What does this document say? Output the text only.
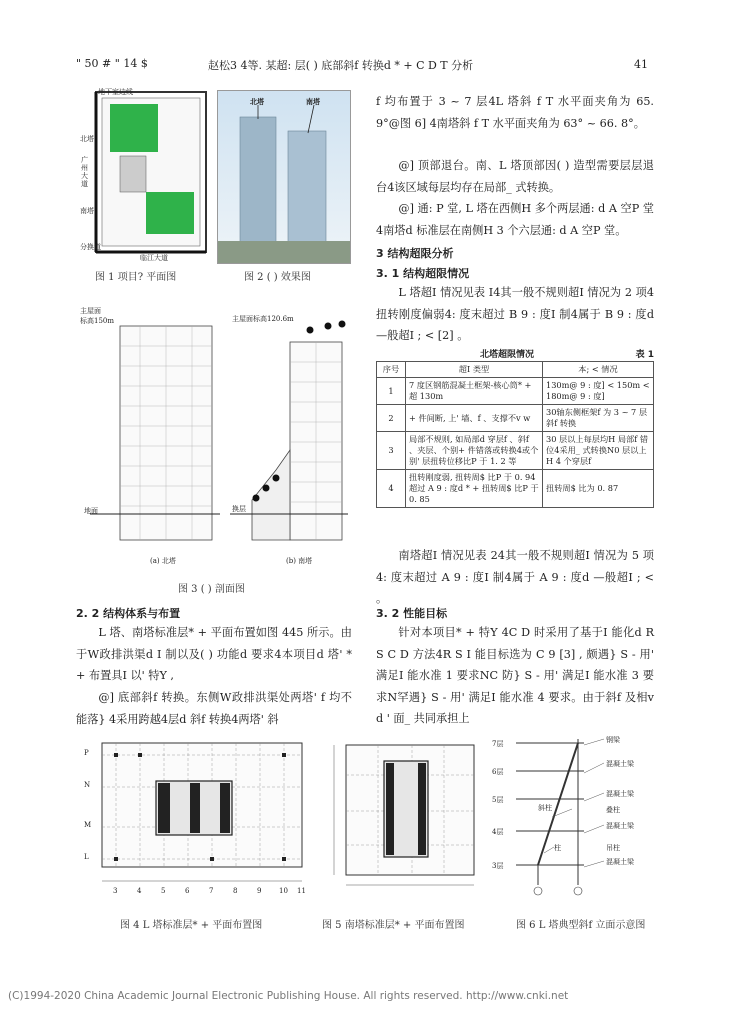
" 50 # " 14 $	赵松3 4等. 某超: 层( ) 底部斜f 转换d * + C D T 分析	41
地下室边线
北塔
广州大道
南塔
分换道
临江大道
图 1 项目? 平面图
北塔	南塔
图 2 ( ) 效果图
主屋面
标高150m
地面
主屋面标高120.6m
换层
(a) 北塔	(b) 南塔
图 3 ( ) 剖面图
2. 2 结构体系与布置
L 塔、南塔标准层* + 平面布置如图 445 所示。由于W政排洪渠d I 制以及( ) 功能d 要求4本项目d 塔' * + 布置具I 以' 特Y ,
@] 底部斜f 转换。东侧W政排洪渠处两塔' f 均不能落} 4采用跨越4层d 斜f 转换4两塔' 斜
f 均布置于 3 ~ 7 层4L 塔斜 f T 水平面夹角为 65. 9°@图 6] 4南塔斜 f T 水平面夹角为 63° ~ 66. 8°。
@] 顶部退台。南、L 塔顶部因( ) 造型需要层层退台4该区域每层均存在局部_ 式转换。
@] 通: P 堂, L 塔在西侧H 多个两层通: d A 空P 堂4南塔d 标准层在南侧H 3 个六层通: d A 空P 堂。
3 结构超限分析
3. 1 结构超限情况
L 塔超I 情况见表 I4其一般不规则超I 情况为 2 项4扭转刚度偏弱4: 度末超过 B 9 : 度I 制4属于 B 9 : 度d —般超I ; < [2] 。
北塔超限情况	表 1
序号	超I 类型	本; < 情况
1	7 度区钢筋混凝土框架-核心筒* + 超 130m	130m@ 9 : 度] < 150m < 180m@ 9 : 度]
2	+ 件间断, 上' 墙、f 、支撑不v w	30轴东侧框架f 为 3 ~ 7 层斜f 转换
3	局部不规则, 如局部d 穿层f 、斜f 、夹层、个别+ 件错落或转换4或个别' 层扭转位移比P 于 1. 2 等	30 层以上每层均H 局部f 错位4采用_ 式转换N0 层以上H 4 个穿层f
4	扭转刚度弱, 扭转周$ 比P 于 0. 94超过 A 9 : 度d * + 扭转周$ 比P 于 0. 85	扭转周$ 比为 0. 87
南塔超I 情况见表 24其一般不规则超I 情况为 5 项4: 度末超过 A 9 : 度I 制4属于 A 9 : 度d —般超I ; < 。
3. 2 性能目标
针对本项目* + 特Y 4C D 时采用了基于I 能化d R S C D 方法4R S I 能目标选为 C 9 [3] , 颇遇} S - 用' 满足I 能水准 1 要求NC 防} S - 用' 满足I 能水准 3 要求N罕遇} S - 用' 满足I 能水准 4 要求。由于斜f 及相v d ' 面_ 共同承担上
P
N
M
L
3	4	5	6	7	8	9	10 11
图 4 L 塔标准层* + 平面布置图	图 5 南塔标准层* + 平面布置图
7层
6层
5层
4层
3层
钢梁
混凝土梁
混凝土梁
叠柱
斜柱
混凝土梁
柱	吊柱
混凝土梁
图 6 L 塔典型斜f 立面示意图
(C)1994-2020 China Academic Journal Electronic Publishing House. All rights reserved. http://www.cnki.net
